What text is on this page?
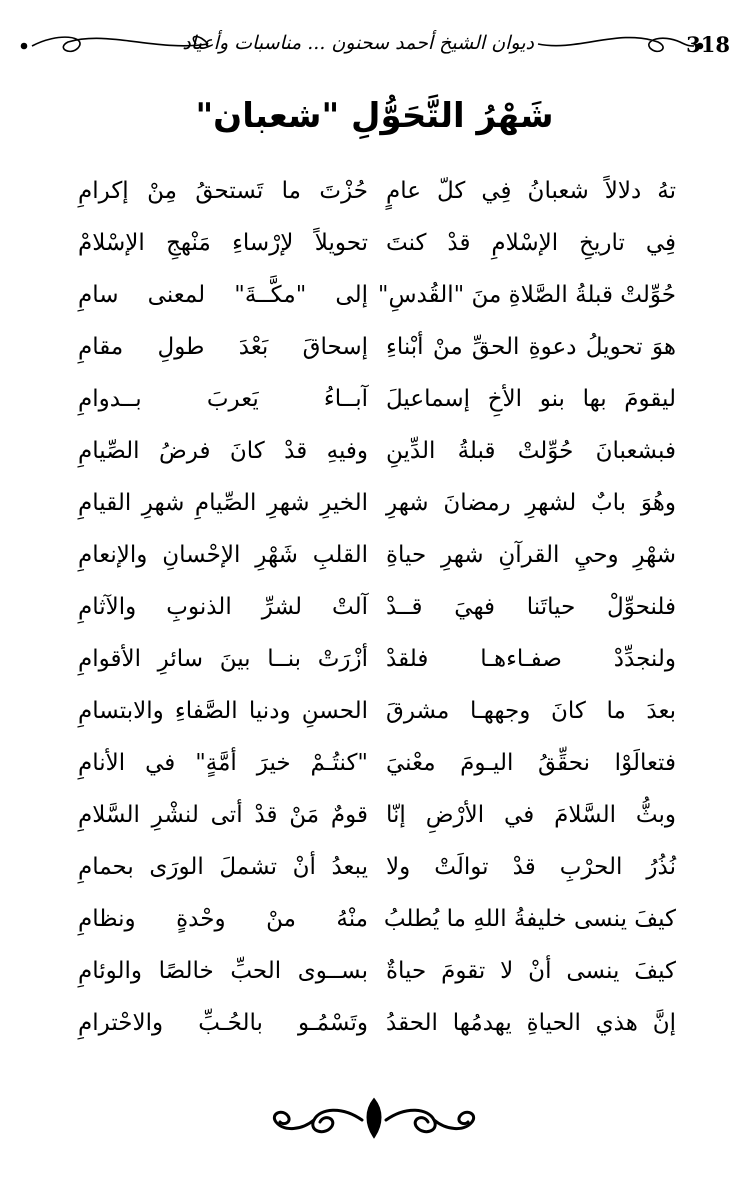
318
ديوان الشيخ أحمد سحنون ... مناسبات وأعياد
شَهْرُ التَّحَوُّلِ "شعبان"
تهُ دلالاً شعبانُ فِي كلّ عامٍ
حُزْتَ ما تَستحقُ مِنْ إكرامِ
فِي تاريخِ الإسْلامِ قدْ كنتَ
تحويلاً لإرْساءِ مَنْهجِ الإسْلامْ
حُوِّلتْ قبلةُ الصَّلاةِ منَ "القُدسِ"
إلى "مكَّــةَ" لمعنى سامِ
هوَ تحويلُ دعوةِ الحقِّ منْ أبْناءِ
إسحاقَ بَعْدَ طولِ مقامِ
ليقومَ بها بنو الأخِ إسماعيلَ
آبــاءُ يَعربَ بــدوامِ
فبشعبانَ حُوِّلتْ قبلةُ الدِّينِ
وفيهِ قدْ كانَ فرضُ الصِّيامِ
وهُوَ بابٌ لشهرِ رمضانَ شهرِ
الخيرِ شهرِ الصِّيامِ شهرِ القيامِ
شهْرِ وحيِ القرآنِ شهرِ حياةِ
القلبِ شَهْرِ الإحْسانِ والإنعامِ
فلنحوِّلْ حياتَنا فهيَ قــدْ
آلتْ لشرِّ الذنوبِ والآثامِ
ولنجدِّدْ صفـاءهـا فلقدْ
أزْرَتْ بنــا بينَ سائرِ الأقوامِ
بعدَ ما كانَ وجههـا مشرقَ
الحسنِ ودنيا الصَّفاءِ والابتسامِ
فتعالَوْا نحقِّقُ اليـومَ معْنيَ
"كنتُـمْ خيرَ أمَّةٍ" في الأنامِ
وبثُّ السَّلامَ في الأرْضِ إنّا
قومٌ مَنْ قدْ أتى لنشْرِ السَّلامِ
نُذُرُ الحرْبِ قدْ توالَتْ ولا
يبعدُ أنْ تشملَ الورَى بحمامِ
كيفَ ينسى خليفةُ اللهِ ما يُطلبُ
منْهُ منْ وحْدةٍ ونظامِ
كيفَ ينسى أنْ لا تقومَ حياةٌ
بســوى الحبِّ خالصًا والوئامِ
إنَّ هذي الحياةِ يهدمُها الحقدُ
وتَسْمُـو بالحُـبِّ والاحْترامِ
